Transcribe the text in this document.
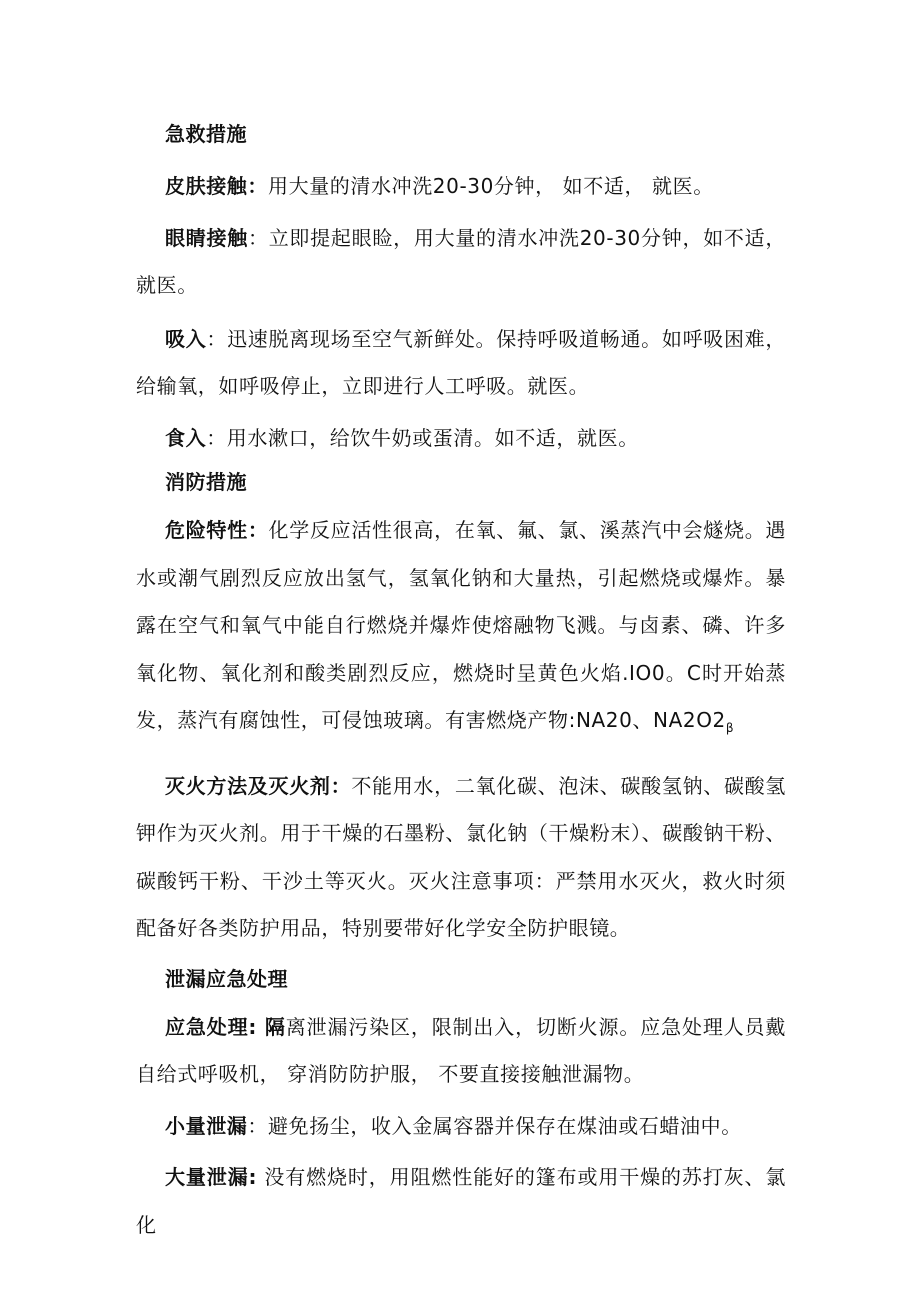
急救措施

皮肤接触：用大量的清水冲洗20-30分钟， 如不适， 就医。

眼睛接触：立即提起眼睑，用大量的清水冲洗20-30分钟，如不适，就医。

吸入：迅速脱离现场至空气新鲜处。保持呼吸道畅通。如呼吸困难，给输氧，如呼吸停止，立即进行人工呼吸。就医。

食入：用水漱口，给饮牛奶或蛋清。如不适，就医。

消防措施

危险特性：化学反应活性很高，在氧、氟、氯、溪蒸汽中会燧烧。遇水或潮气剧烈反应放出氢气，氢氧化钠和大量热，引起燃烧或爆炸。暴露在空气和氧气中能自行燃烧并爆炸使熔融物飞溅。与卤素、磷、许多氧化物、氧化剂和酸类剧烈反应，燃烧时呈黄色火焰.IO0。C时开始蒸发，蒸汽有腐蚀性，可侵蚀玻璃。有害燃烧产物:NA20、$NA2O2_\beta$

灭火方法及灭火剂：不能用水，二氧化碳、泡沫、碳酸氢钠、碳酸氢钾作为灭火剂。用于干燥的石墨粉、氯化钠（干燥粉末）、碳酸钠干粉、碳酸钙干粉、干沙土等灭火。灭火注意事项：严禁用水灭火，救火时须配备好各类防护用品，特别要带好化学安全防护眼镜。

泄漏应急处理

应急处理: 隔离泄漏污染区，限制出入，切断火源。应急处理人员戴自给式呼吸机， 穿消防防护服， 不要直接接触泄漏物。

小量泄漏：避免扬尘，收入金属容器并保存在煤油或石蜡油中。

大量泄漏: 没有燃烧时，用阻燃性能好的篷布或用干燥的苏打灰、氯化
